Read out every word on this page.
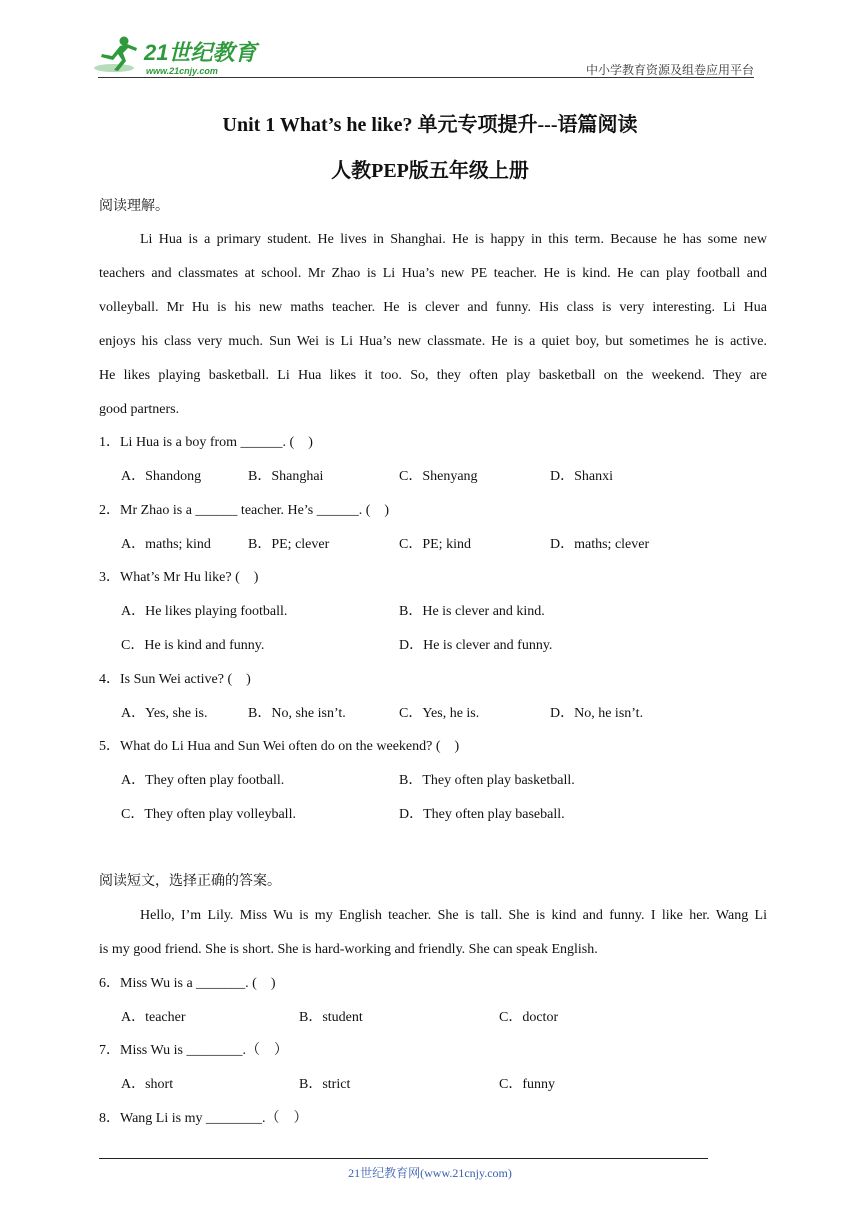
21世纪教育
www.21cnjy.com	中小学教育资源及组卷应用平台
Unit 1 What’s he like? 单元专项提升---语篇阅读
人教PEP版五年级上册
阅读理解。
Li Hua is a primary student. He lives in Shanghai. He is happy in this term. Because he has some new
teachers and classmates at school. Mr Zhao is Li Hua’s new PE teacher. He is kind. He can play football and
volleyball. Mr Hu is his new maths teacher. He is clever and funny. His class is very interesting. Li Hua
enjoys his class very much. Sun Wei is Li Hua’s new classmate. He is a quiet boy, but sometimes he is active.
He likes playing basketball. Li Hua likes it too. So, they often play basketball on the weekend. They are
good partners.
1．Li Hua is a boy from ______. (　)
A．Shandong	B．Shanghai	C．Shenyang	D．Shanxi
2．Mr Zhao is a ______ teacher. He’s ______. (　)
A．maths; kind	B．PE; clever	C．PE; kind	D．maths; clever
3．What’s Mr Hu like? (　)
A．He likes playing football.	B．He is clever and kind.
C．He is kind and funny.	D．He is clever and funny.
4．Is Sun Wei active? (　)
A．Yes, she is.	B．No, she isn’t.	C．Yes, he is.	D．No, he isn’t.
5．What do Li Hua and Sun Wei often do on the weekend? (　)
A．They often play football.	B．They often play basketball.
C．They often play volleyball.	D．They often play baseball.
阅读短文，选择正确的答案。
Hello, I’m Lily. Miss Wu is my English teacher. She is tall. She is kind and funny. I like her. Wang Li
is my good friend. She is short. She is hard-working and friendly. She can speak English.
6．Miss Wu is a _______. (　)
A．teacher	B．student	C．doctor
7．Miss Wu is ________.（　）
A．short	B．strict	C．funny
8．Wang Li is my ________.（　）
21世纪教育网(www.21cnjy.com)
